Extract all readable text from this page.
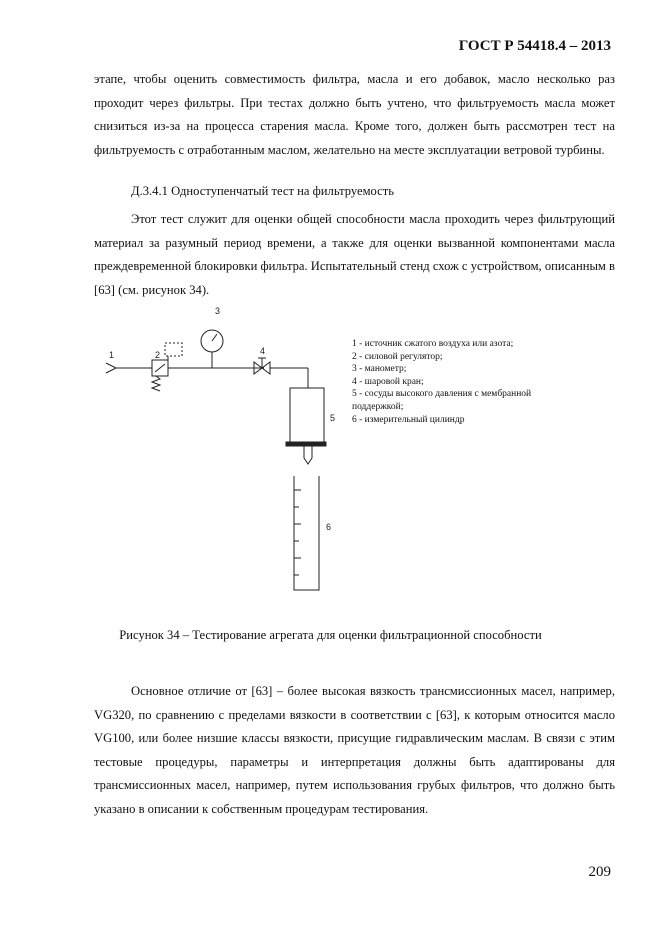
ГОСТ Р 54418.4 – 2013

этапе, чтобы оценить совместимость фильтра, масла и его добавок, масло несколько раз проходит через фильтры. При тестах должно быть учтено, что фильтруемость масла может снизиться из-за на процесса старения масла. Кроме того, должен быть рассмотрен тест на фильтруемость с отработанным маслом, желательно на месте эксплуатации ветровой турбины.

Д.3.4.1 Одноступенчатый тест на фильтруемость

Этот тест служит для оценки общей способности масла проходить через фильтрующий материал за разумный период времени, а также для оценки вызванной компонентами масла преждевременной блокировки фильтра. Испытательный стенд схож с устройством, описанным в [63] (см. рисунок 34).

1	2
3
4
5
6
1 - источник сжатого воздуха или азота;
2 - силовой регулятор;
3 - манометр;
4 - шаровой кран;
5 - сосуды высокого давления с мембранной
поддержкой;
6 - измерительный цилиндр
Рисунок 34 – Тестирование агрегата для оценки фильтрационной способности

Основное отличие от [63] – более высокая вязкость трансмиссионных масел, например, VG320, по сравнению с пределами вязкости в соответствии с [63], к которым относится масло VG100, или более низшие классы вязкости, присущие гидравлическим маслам. В связи с этим тестовые процедуры, параметры и интерпретация должны быть адаптированы для трансмиссионных масел, например, путем использования грубых фильтров, что должно быть указано в описании к собственным процедурам тестирования.

209
